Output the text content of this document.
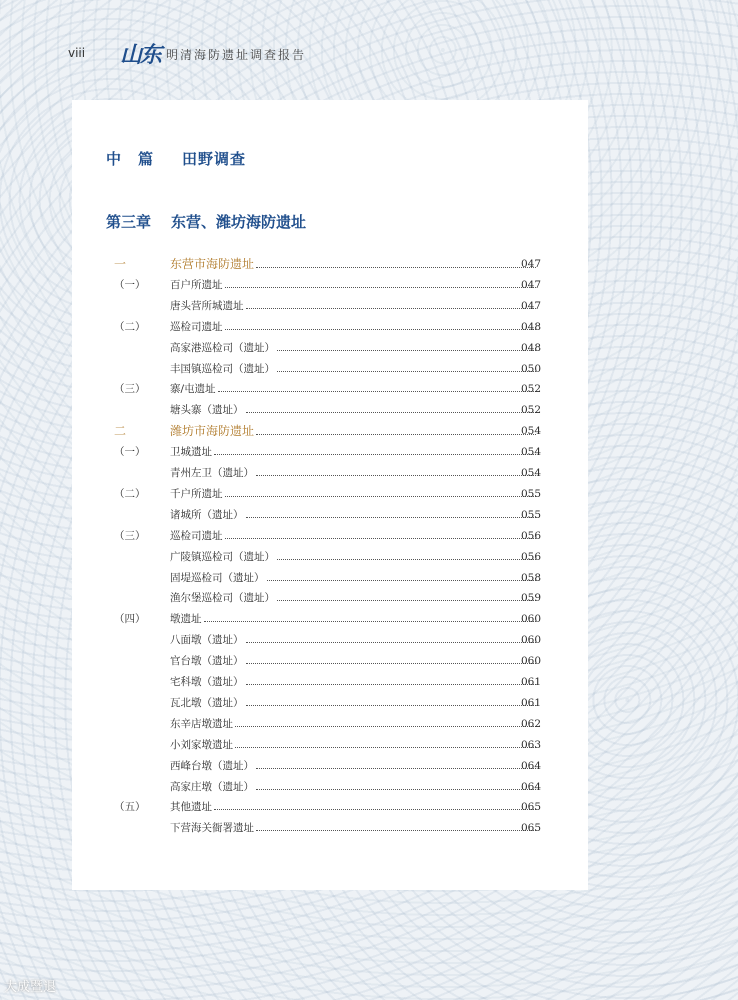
viii 山东 明清海防遗址调查报告
中　篇 田野调查
第三章 东营、潍坊海防遗址
一	东营市海防遗址	047
（一）	百户所遗址	047
唐头营所城遗址	047
（二）	巡检司遗址	048
高家港巡检司（遗址）	048
丰国镇巡检司（遗址）	050
（三）	寨/屯遗址	052
塘头寨（遗址）	052
二	潍坊市海防遗址	054
（一）	卫城遗址	054
青州左卫（遗址）	054
（二）	千户所遗址	055
诸城所（遗址）	055
（三）	巡检司遗址	056
广陵镇巡检司（遗址）	056
固堤巡检司（遗址）	058
渔尔堡巡检司（遗址）	059
（四）	墩遗址	060
八面墩（遗址）	060
官台墩（遗址）	060
宅科墩（遗址）	061
瓦北墩（遗址）	061
东辛店墩遗址	062
小刘家墩遗址	063
西峰台墩（遗址）	064
高家庄墩（遗址）	064
（五）	其他遗址	065
下营海关衙署遗址	065
大成暨退
